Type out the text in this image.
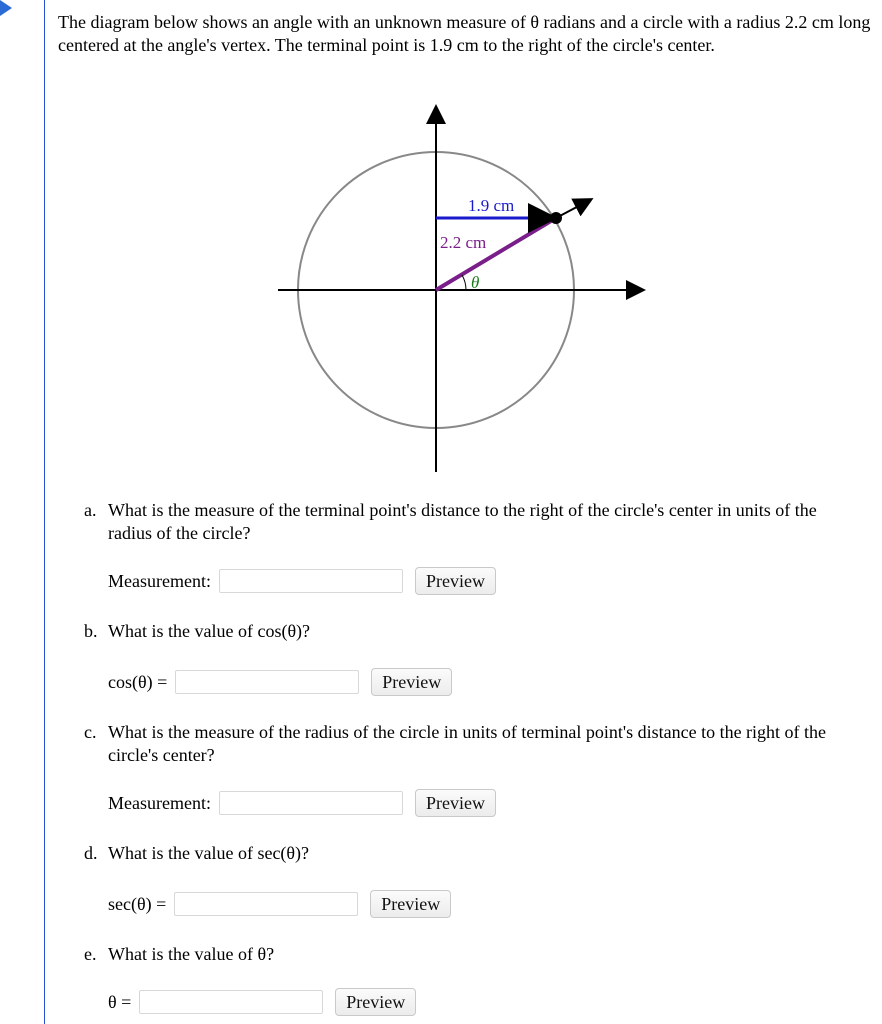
The diagram below shows an angle with an unknown measure of θ radians and a circle with a radius 2.2 cm long centered at the angle's vertex. The terminal point is 1.9 cm to the right of the circle's center.
1.9 cm
2.2 cm
θ
a. What is the measure of the terminal point's distance to the right of the circle's center in units of the radius of the circle?
Measurement:	Preview
b. What is the value of cos(θ)?
cos(θ) =	Preview
c. What is the measure of the radius of the circle in units of terminal point's distance to the right of the circle's center?
Measurement:	Preview
d. What is the value of sec(θ)?
sec(θ) =	Preview
e. What is the value of θ?
θ =	Preview
